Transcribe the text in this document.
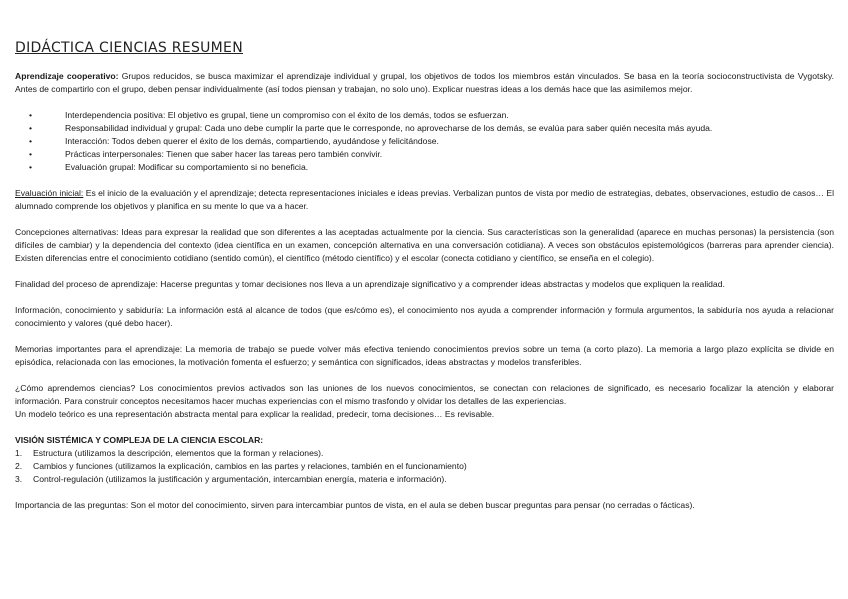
DIDÁCTICA CIENCIAS RESUMEN

Aprendizaje cooperativo: Grupos reducidos, se busca maximizar el aprendizaje individual y grupal, los objetivos de todos los miembros están vinculados. Se basa en la teoría socioconstructivista de Vygotsky. Antes de compartirlo con el grupo, deben pensar individualmente (así todos piensan y trabajan, no solo uno). Explicar nuestras ideas a los demás hace que las asimilemos mejor.

•	Interdependencia positiva: El objetivo es grupal, tiene un compromiso con el éxito de los demás, todos se esfuerzan.
•	Responsabilidad individual y grupal: Cada uno debe cumplir la parte que le corresponde, no aprovecharse de los demás, se evalúa para saber quién necesita más ayuda.
•	Interacción: Todos deben querer el éxito de los demás, compartiendo, ayudándose y felicitándose.
•	Prácticas interpersonales: Tienen que saber hacer las tareas pero también convivir.
•	Evaluación grupal: Modificar su comportamiento si no beneficia.

Evaluación inicial: Es el inicio de la evaluación y el aprendizaje; detecta representaciones iniciales e ideas previas. Verbalizan puntos de vista por medio de estrategias, debates, observaciones, estudio de casos… El alumnado comprende los objetivos y planifica en su mente lo que va a hacer.

Concepciones alternativas: Ideas para expresar la realidad que son diferentes a las aceptadas actualmente por la ciencia. Sus características son la generalidad (aparece en muchas personas) la persistencia (son difíciles de cambiar) y la dependencia del contexto (idea científica en un examen, concepción alternativa en una conversación cotidiana). A veces son obstáculos epistemológicos (barreras para aprender ciencia). Existen diferencias entre el conocimiento cotidiano (sentido común), el científico (método científico) y el escolar (conecta cotidiano y científico, se enseña en el colegio).

Finalidad del proceso de aprendizaje: Hacerse preguntas y tomar decisiones nos lleva a un aprendizaje significativo y a comprender ideas abstractas y modelos que expliquen la realidad.

Información, conocimiento y sabiduría: La información está al alcance de todos (que es/cómo es), el conocimiento nos ayuda a comprender información y formula argumentos, la sabiduría nos ayuda a relacionar conocimiento y valores (qué debo hacer).

Memorias importantes para el aprendizaje: La memoria de trabajo se puede volver más efectiva teniendo conocimientos previos sobre un tema (a corto plazo). La memoria a largo plazo explícita se divide en episódica, relacionada con las emociones, la motivación fomenta el esfuerzo; y semántica con significados, ideas abstractas y modelos transferibles.

¿Cómo aprendemos ciencias? Los conocimientos previos activados son las uniones de los nuevos conocimientos, se conectan con relaciones de significado, es necesario focalizar la atención y elaborar información. Para construir conceptos necesitamos hacer muchas experiencias con el mismo trasfondo y olvidar los detalles de las experiencias.

Un modelo teórico es una representación abstracta mental para explicar la realidad, predecir, toma decisiones… Es revisable.

VISIÓN SISTÉMICA Y COMPLEJA DE LA CIENCIA ESCOLAR:

1.	Estructura (utilizamos la descripción, elementos que la forman y relaciones).
2.	Cambios y funciones (utilizamos la explicación, cambios en las partes y relaciones, también en el funcionamiento)
3.	Control-regulación (utilizamos la justificación y argumentación, intercambian energía, materia e información).

Importancia de las preguntas: Son el motor del conocimiento, sirven para intercambiar puntos de vista, en el aula se deben buscar preguntas para pensar (no cerradas o fácticas).
